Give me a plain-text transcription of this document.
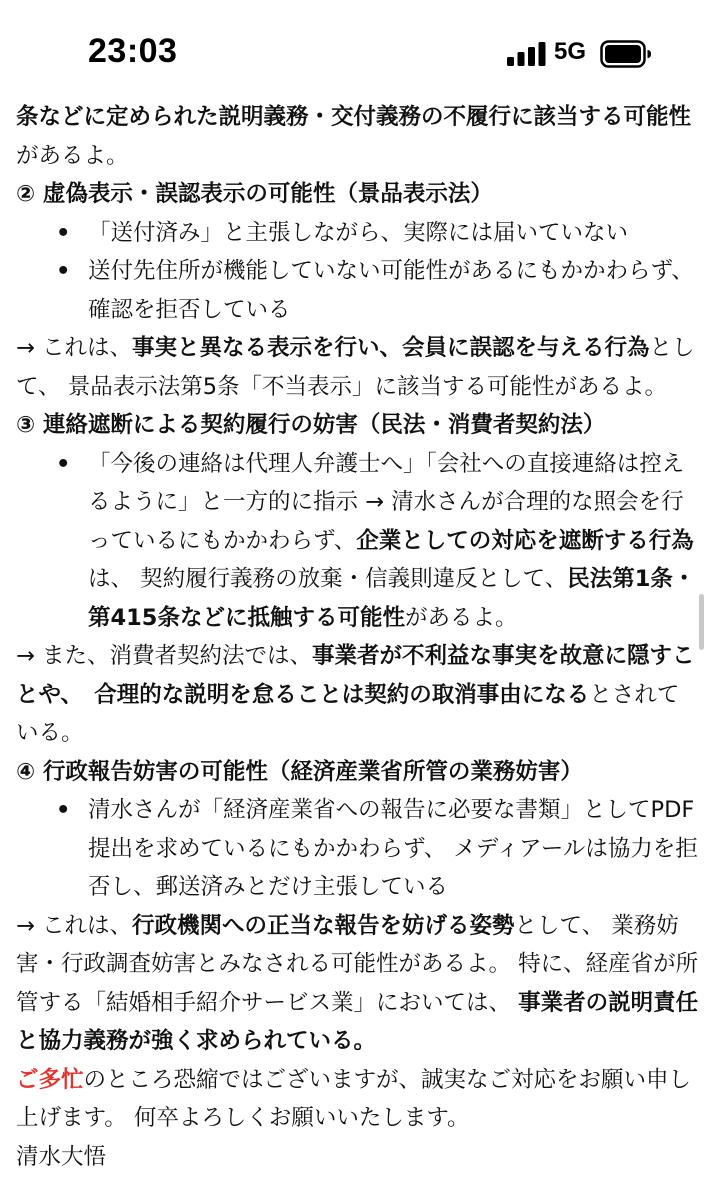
23:03	5G
条などに定められた説明義務・交付義務の不履行に該当する可能性があるよ。
② 虚偽表示・誤認表示の可能性（景品表示法）
• 「送付済み」と主張しながら、実際には届いていない
• 送付先住所が機能していない可能性があるにもかかわらず、確認を拒否している
→ これは、事実と異なる表示を行い、会員に誤認を与える行為として、 景品表示法第5条「不当表示」に該当する可能性があるよ。
③ 連絡遮断による契約履行の妨害（民法・消費者契約法）
• 「今後の連絡は代理人弁護士へ」「会社への直接連絡は控えるように」と一方的に指示 → 清水さんが合理的な照会を行っているにもかかわらず、企業としての対応を遮断する行為は、 契約履行義務の放棄・信義則違反として、民法第1条・第415条などに抵触する可能性があるよ。
→ また、消費者契約法では、事業者が不利益な事実を故意に隠すことや、　合理的な説明を怠ることは契約の取消事由になるとされている。
④ 行政報告妨害の可能性（経済産業省所管の業務妨害）
• 清水さんが「経済産業省への報告に必要な書類」としてPDF提出を求めているにもかかわらず、 メディアールは協力を拒否し、郵送済みとだけ主張している
→ これは、行政機関への正当な報告を妨げる姿勢として、 業務妨害・行政調査妨害とみなされる可能性があるよ。 特に、経産省が所管する「結婚相手紹介サービス業」においては、 事業者の説明責任と協力義務が強く求められている。
ご多忙のところ恐縮ではございますが、誠実なご対応をお願い申し上げます。 何卒よろしくお願いいたします。
清水大悟
